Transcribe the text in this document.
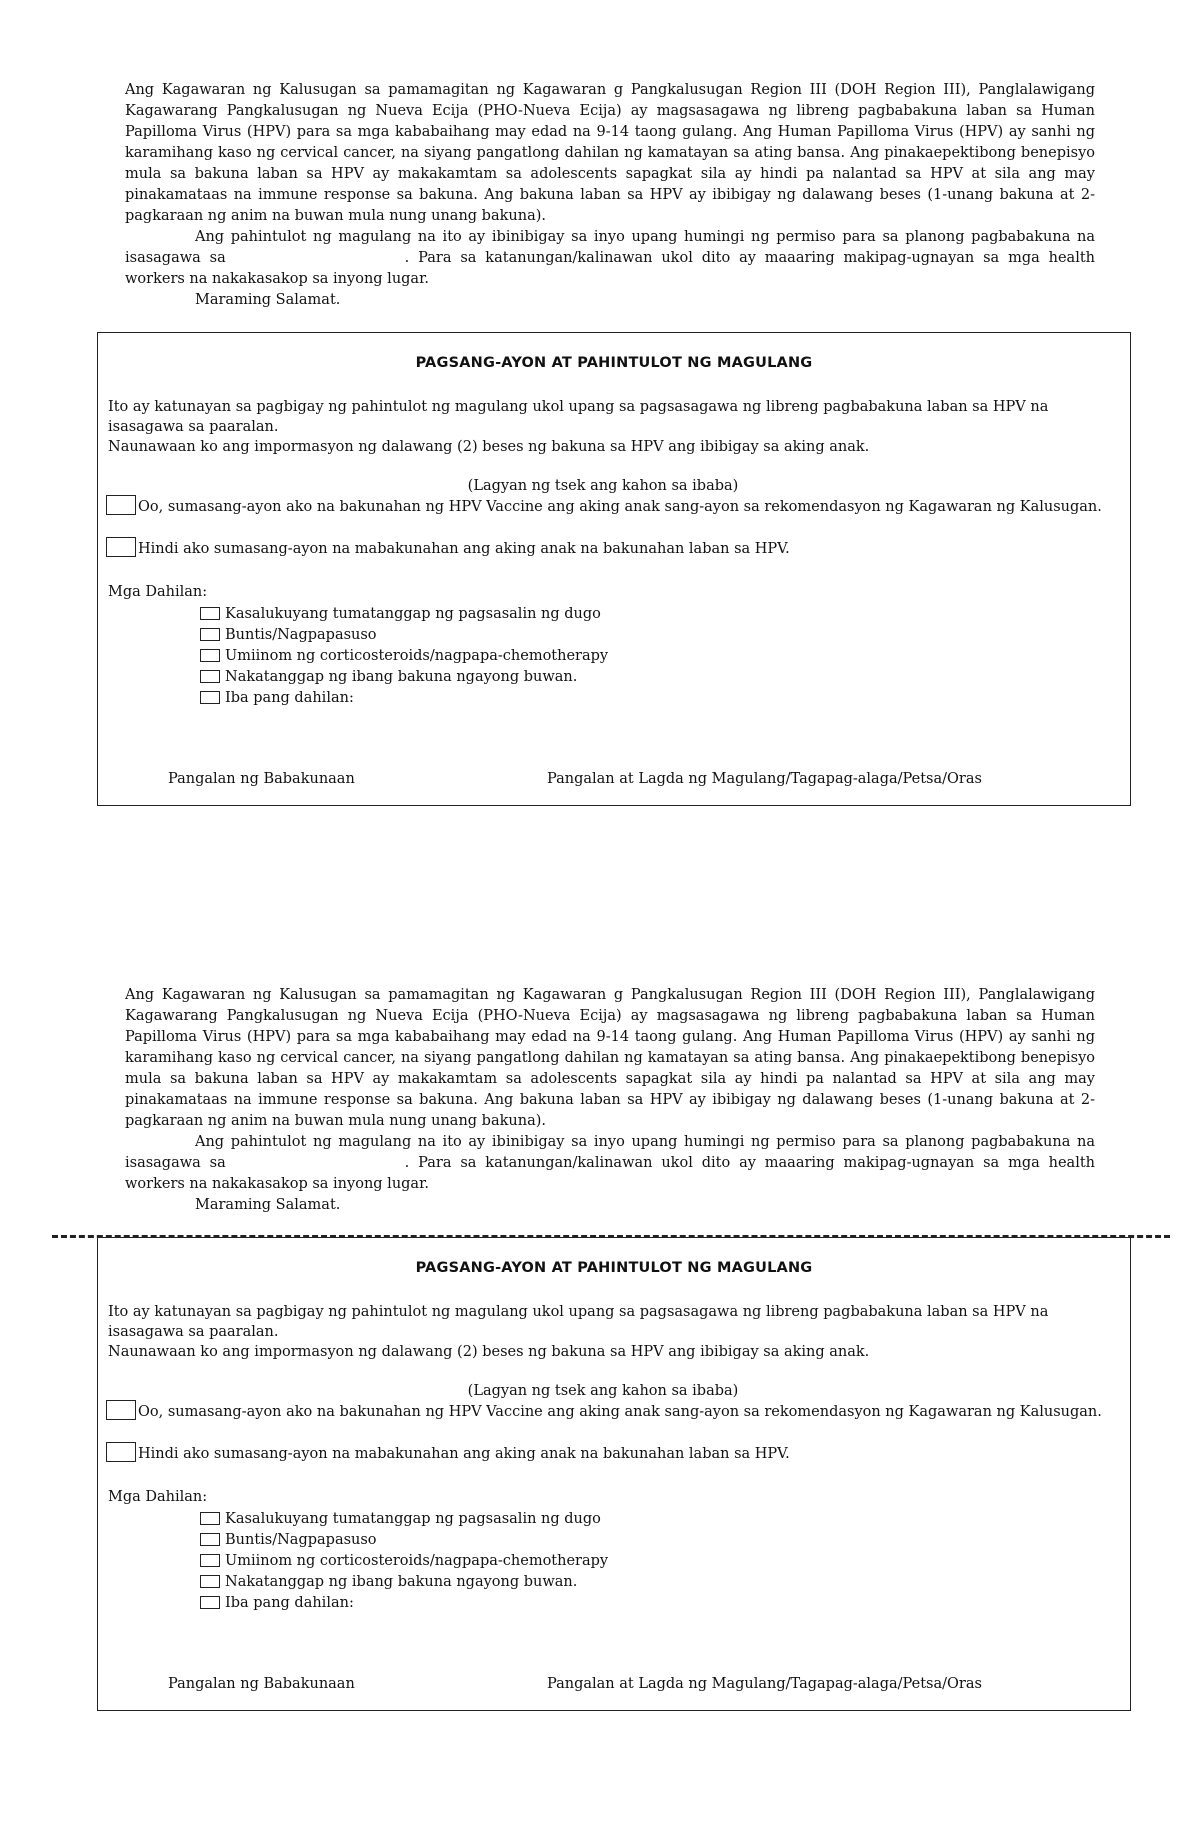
Ang Kagawaran ng Kalusugan sa pamamagitan ng Kagawaran g Pangkalusugan Region III (DOH Region III), Panglalawigang Kagawarang Pangkalusugan ng Nueva Ecija (PHO-Nueva Ecija) ay magsasagawa ng libreng pagbabakuna laban sa Human Papilloma Virus (HPV) para sa mga kababaihang may edad na 9-14 taong gulang. Ang Human Papilloma Virus (HPV) ay sanhi ng karamihang kaso ng cervical cancer, na siyang pangatlong dahilan ng kamatayan sa ating bansa. Ang pinakaepektibong benepisyo mula sa bakuna laban sa HPV ay makakamtam sa adolescents sapagkat sila ay hindi pa nalantad sa HPV at sila ang may pinakamataas na immune response sa bakuna. Ang bakuna laban sa HPV ay ibibigay ng dalawang beses (1-unang bakuna at 2-pagkaraan ng anim na buwan mula nung unang bakuna).

Ang pahintulot ng magulang na ito ay ibinibigay sa inyo upang humingi ng permiso para sa planong pagbabakuna na isasagawa sa	. Para sa katanungan/kalinawan ukol dito ay maaaring makipag-ugnayan sa mga health workers na nakakasakop sa inyong lugar.

Maraming Salamat.

PAGSANG-AYON AT PAHINTULOT NG MAGULANG

Ito ay katunayan sa pagbigay ng pahintulot ng magulang ukol upang sa pagsasagawa ng libreng pagbabakuna laban sa HPV na isasagawa sa paaralan.

Naunawaan ko ang impormasyon ng dalawang (2) beses ng bakuna sa HPV ang ibibigay sa aking anak.

(Lagyan ng tsek ang kahon sa ibaba)
Oo, sumasang-ayon ako na bakunahan ng HPV Vaccine ang aking anak sang-ayon sa rekomendasyon ng Kagawaran ng Kalusugan.
Hindi ako sumasang-ayon na mabakunahan ang aking anak na bakunahan laban sa HPV.
Mga Dahilan:
Kasalukuyang tumatanggap ng pagsasalin ng dugo
Buntis/Nagpapasuso
Umiinom ng corticosteroids/nagpapa-chemotherapy
Nakatanggap ng ibang bakuna ngayong buwan.
Iba pang dahilan:
Pangalan ng Babakunaan	Pangalan at Lagda ng Magulang/Tagapag-alaga/Petsa/Oras

Ang Kagawaran ng Kalusugan sa pamamagitan ng Kagawaran g Pangkalusugan Region III (DOH Region III), Panglalawigang Kagawarang Pangkalusugan ng Nueva Ecija (PHO-Nueva Ecija) ay magsasagawa ng libreng pagbabakuna laban sa Human Papilloma Virus (HPV) para sa mga kababaihang may edad na 9-14 taong gulang. Ang Human Papilloma Virus (HPV) ay sanhi ng karamihang kaso ng cervical cancer, na siyang pangatlong dahilan ng kamatayan sa ating bansa. Ang pinakaepektibong benepisyo mula sa bakuna laban sa HPV ay makakamtam sa adolescents sapagkat sila ay hindi pa nalantad sa HPV at sila ang may pinakamataas na immune response sa bakuna. Ang bakuna laban sa HPV ay ibibigay ng dalawang beses (1-unang bakuna at 2-pagkaraan ng anim na buwan mula nung unang bakuna).

Ang pahintulot ng magulang na ito ay ibinibigay sa inyo upang humingi ng permiso para sa planong pagbabakuna na isasagawa sa	. Para sa katanungan/kalinawan ukol dito ay maaaring makipag-ugnayan sa mga health workers na nakakasakop sa inyong lugar.

Maraming Salamat.

PAGSANG-AYON AT PAHINTULOT NG MAGULANG

Ito ay katunayan sa pagbigay ng pahintulot ng magulang ukol upang sa pagsasagawa ng libreng pagbabakuna laban sa HPV na isasagawa sa paaralan.

Naunawaan ko ang impormasyon ng dalawang (2) beses ng bakuna sa HPV ang ibibigay sa aking anak.

(Lagyan ng tsek ang kahon sa ibaba)
Oo, sumasang-ayon ako na bakunahan ng HPV Vaccine ang aking anak sang-ayon sa rekomendasyon ng Kagawaran ng Kalusugan.
Hindi ako sumasang-ayon na mabakunahan ang aking anak na bakunahan laban sa HPV.
Mga Dahilan:
Kasalukuyang tumatanggap ng pagsasalin ng dugo
Buntis/Nagpapasuso
Umiinom ng corticosteroids/nagpapa-chemotherapy
Nakatanggap ng ibang bakuna ngayong buwan.
Iba pang dahilan:
Pangalan ng Babakunaan	Pangalan at Lagda ng Magulang/Tagapag-alaga/Petsa/Oras
